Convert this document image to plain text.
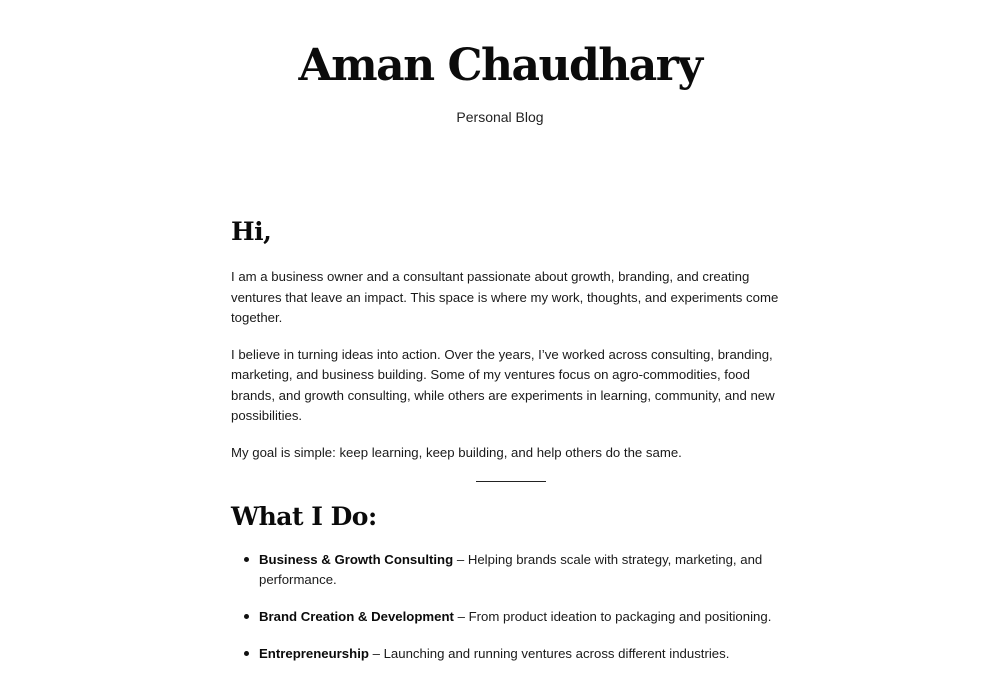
Aman Chaudhary

Personal Blog

Hi,

I am a business owner and a consultant passionate about growth, branding, and creating ventures that leave an impact. This space is where my work, thoughts, and experiments come together.

I believe in turning ideas into action. Over the years, I’ve worked across consulting, branding, marketing, and business building. Some of my ventures focus on agro-commodities, food brands, and growth consulting, while others are experiments in learning, community, and new possibilities.

My goal is simple: keep learning, keep building, and help others do the same.

What I Do:
Business & Growth Consulting – Helping brands scale with strategy, marketing, and performance.
Brand Creation & Development – From product ideation to packaging and positioning.
Entrepreneurship – Launching and running ventures across different industries.
